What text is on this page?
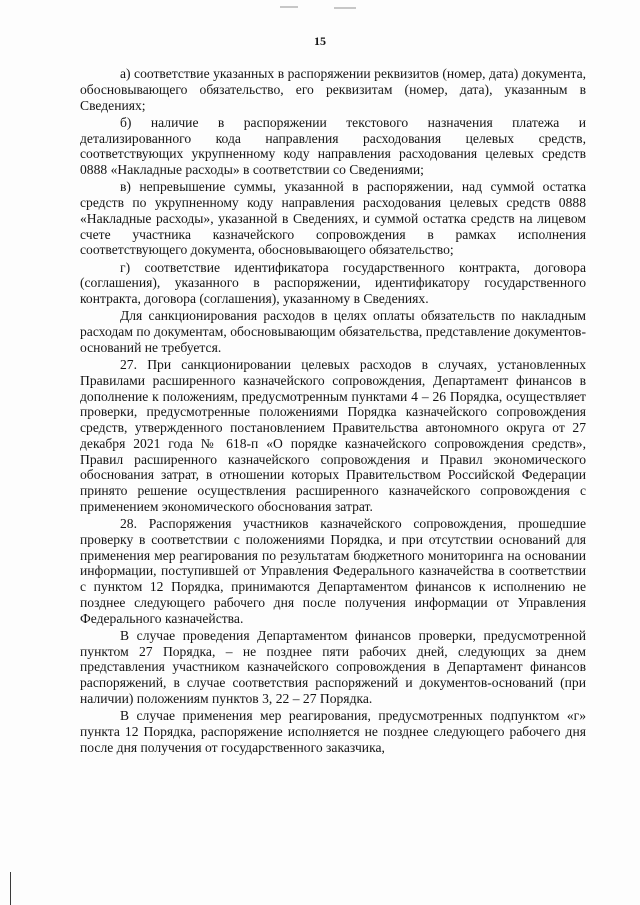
15

а) соответствие указанных в распоряжении реквизитов (номер, дата) документа, обосновывающего обязательство, его реквизитам (номер, дата), указанным в Сведениях;

б) наличие в распоряжении текстового назначения платежа и детализированного кода направления расходования целевых средств, соответствующих укрупненному коду направления расходования целевых средств 0888 «Накладные расходы» в соответствии со Сведениями;

в) непревышение суммы, указанной в распоряжении, над суммой остатка средств по укрупненному коду направления расходования целевых средств 0888 «Накладные расходы», указанной в Сведениях, и суммой остатка средств на лицевом счете участника казначейского сопровождения в рамках исполнения соответствующего документа, обосновывающего обязательство;

г) соответствие идентификатора государственного контракта, договора (соглашения), указанного в распоряжении, идентификатору государственного контракта, договора (соглашения), указанному в Сведениях.

Для санкционирования расходов в целях оплаты обязательств по накладным расходам по документам, обосновывающим обязательства, представление документов-оснований не требуется.

27. При санкционировании целевых расходов в случаях, установленных Правилами расширенного казначейского сопровождения, Департамент финансов в дополнение к положениям, предусмотренным пунктами 4 – 26 Порядка, осуществляет проверки, предусмотренные положениями Порядка казначейского сопровождения средств, утвержденного постановлением Правительства автономного округа от 27 декабря 2021 года № 618-п «О порядке казначейского сопровождения средств», Правил расширенного казначейского сопровождения и Правил экономического обоснования затрат, в отношении которых Правительством Российской Федерации принято решение осуществления расширенного казначейского сопровождения с применением экономического обоснования затрат.

28. Распоряжения участников казначейского сопровождения, прошедшие проверку в соответствии с положениями Порядка, и при отсутствии оснований для применения мер реагирования по результатам бюджетного мониторинга на основании информации, поступившей от Управления Федерального казначейства в соответствии с пунктом 12 Порядка, принимаются Департаментом финансов к исполнению не позднее следующего рабочего дня после получения информации от Управления Федерального казначейства.

В случае проведения Департаментом финансов проверки, предусмотренной пунктом 27 Порядка, – не позднее пяти рабочих дней, следующих за днем представления участником казначейского сопровождения в Департамент финансов распоряжений, в случае соответствия распоряжений и документов-оснований (при наличии) положениям пунктов 3, 22 – 27 Порядка.

В случае применения мер реагирования, предусмотренных подпунктом «г» пункта 12 Порядка, распоряжение исполняется не позднее следующего рабочего дня после дня получения от государственного заказчика,
